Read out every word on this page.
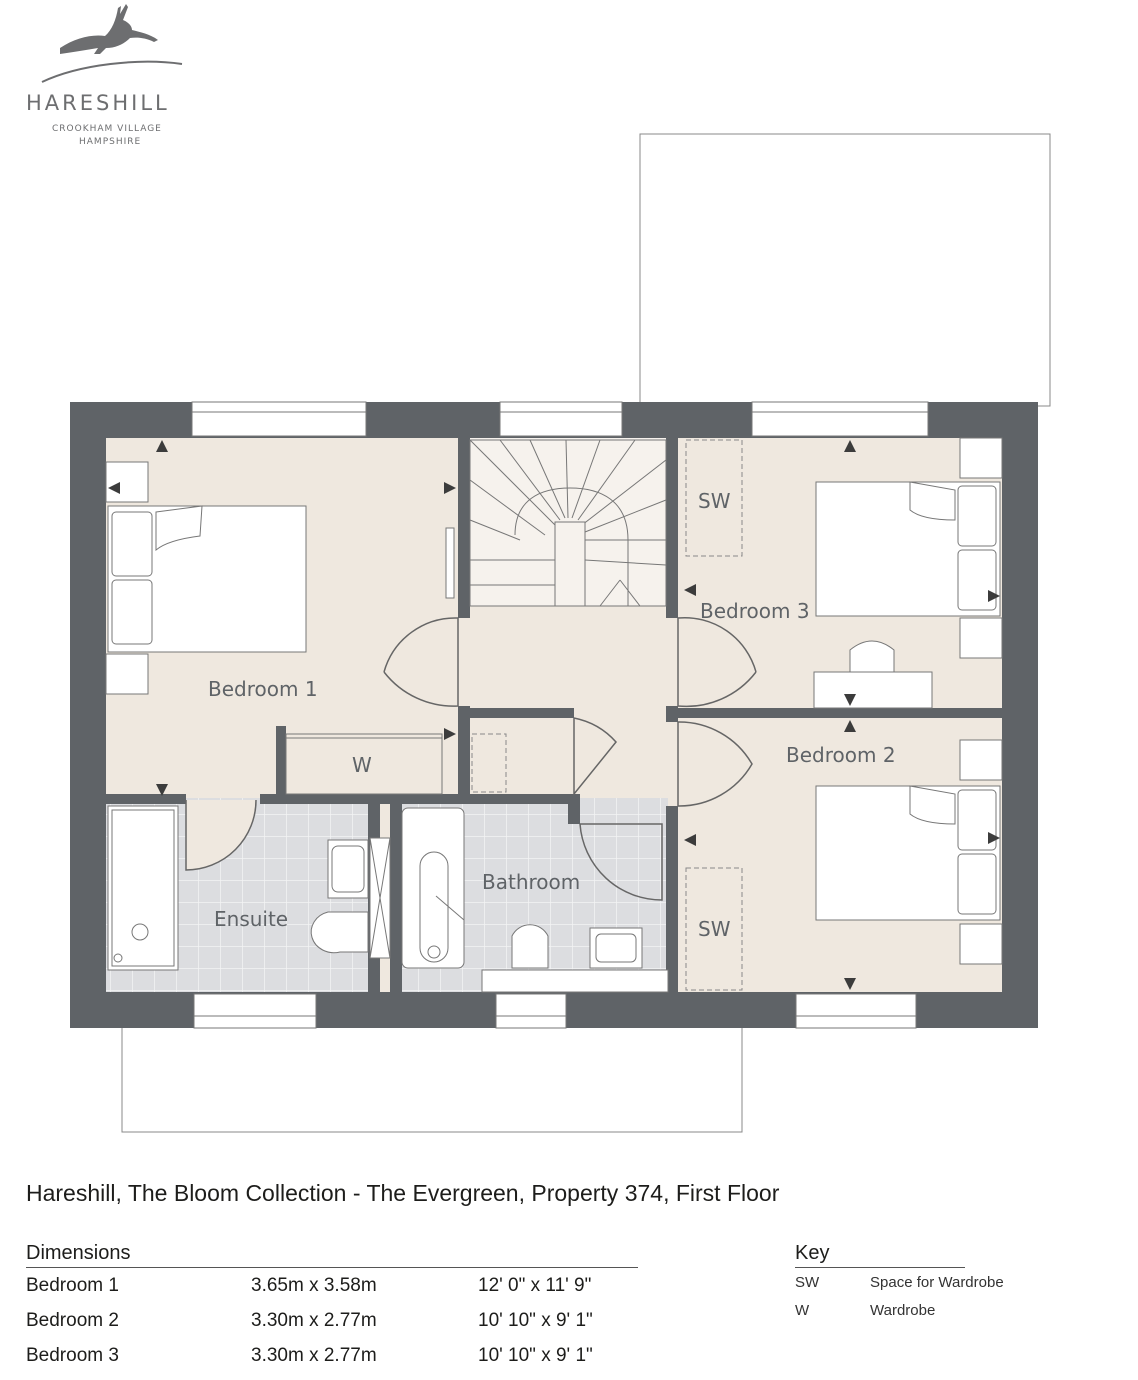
HARESHILL
CROOKHAM VILLAGE
HAMPSHIRE
Bedroom 1
Bedroom 3
Bedroom 2
Ensuite
Bathroom
W
SW
SW
Hareshill, The Bloom Collection - The Evergreen, Property 374, First Floor
Dimensions
Bedroom 1	3.65m x 3.58m	12' 0" x 11' 9"
Bedroom 2	3.30m x 2.77m	10' 10" x 9' 1"
Bedroom 3	3.30m x 2.77m	10' 10" x 9' 1"
Key
SW	Space for Wardrobe
W	Wardrobe
